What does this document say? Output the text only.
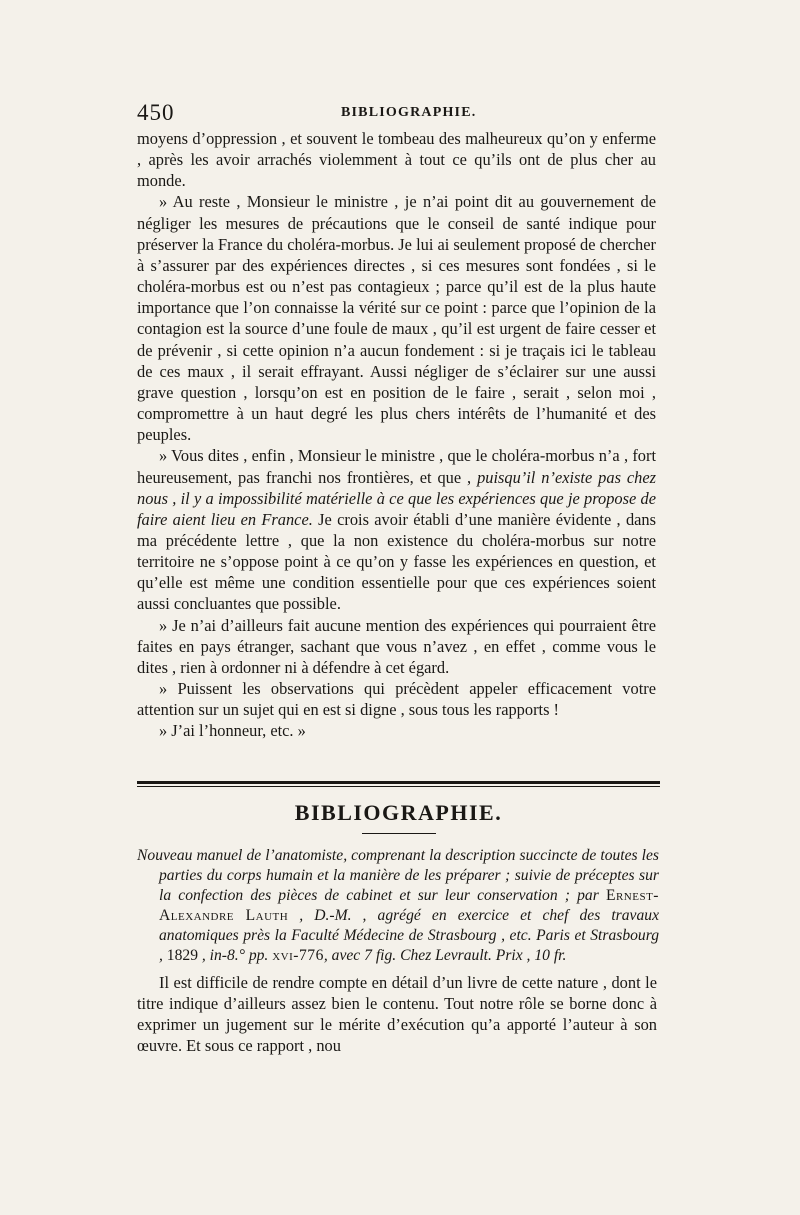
450	BIBLIOGRAPHIE.

moyens d’oppression , et souvent le tombeau des malheureux qu’on y enferme , après les avoir arrachés violemment à tout ce qu’ils ont de plus cher au monde.

» Au reste , Monsieur le ministre , je n’ai point dit au gouvernement de négliger les mesures de précautions que le conseil de santé indique pour préserver la France du choléra-morbus. Je lui ai seulement proposé de chercher à s’assurer par des expériences directes , si ces mesures sont fondées , si le choléra-morbus est ou n’est pas contagieux ; parce qu’il est de la plus haute importance que l’on connaisse la vérité sur ce point : parce que l’opinion de la contagion est la source d’une foule de maux , qu’il est urgent de faire cesser et de prévenir , si cette opinion n’a aucun fondement : si je traçais ici le tableau de ces maux , il serait effrayant. Aussi négliger de s’éclairer sur une aussi grave question , lorsqu’on est en position de le faire , serait , selon moi , compromettre à un haut degré les plus chers intérêts de l’humanité et des peuples.

» Vous dites , enfin , Monsieur le ministre , que le choléra-morbus n’a , fort heureusement, pas franchi nos frontières, et que , puisqu’il n’existe pas chez nous , il y a impossibilité matérielle à ce que les expériences que je propose de faire aient lieu en France. Je crois avoir établi d’une manière évidente , dans ma précédente lettre , que la non existence du choléra-morbus sur notre territoire ne s’oppose point à ce qu’on y fasse les expériences en question, et qu’elle est même une condition essentielle pour que ces expériences soient aussi concluantes que possible.

» Je n’ai d’ailleurs fait aucune mention des expériences qui pourraient être faites en pays étranger, sachant que vous n’avez , en effet , comme vous le dites , rien à ordonner ni à défendre à cet égard.

» Puissent les observations qui précèdent appeler efficacement votre attention sur un sujet qui en est si digne , sous tous les rapports !

» J’ai l’honneur, etc. »

BIBLIOGRAPHIE.

Nouveau manuel de l’anatomiste, comprenant la description succincte de toutes les parties du corps humain et la manière de les préparer ; suivie de préceptes sur la confection des pièces de cabinet et sur leur conservation ; par Ernest-Alexandre Lauth , D.-M. , agrégé en exercice et chef des travaux anatomiques près la Faculté Médecine de Strasbourg , etc. Paris et Strasbourg , 1829 , in-8.° pp. xvi-776, avec 7 fig. Chez Levrault. Prix , 10 fr.

Il est difficile de rendre compte en détail d’un livre de cette nature , dont le titre indique d’ailleurs assez bien le contenu. Tout notre rôle se borne donc à exprimer un jugement sur le mérite d’exécution qu’a apporté l’auteur à son œuvre. Et sous ce rapport , nou
